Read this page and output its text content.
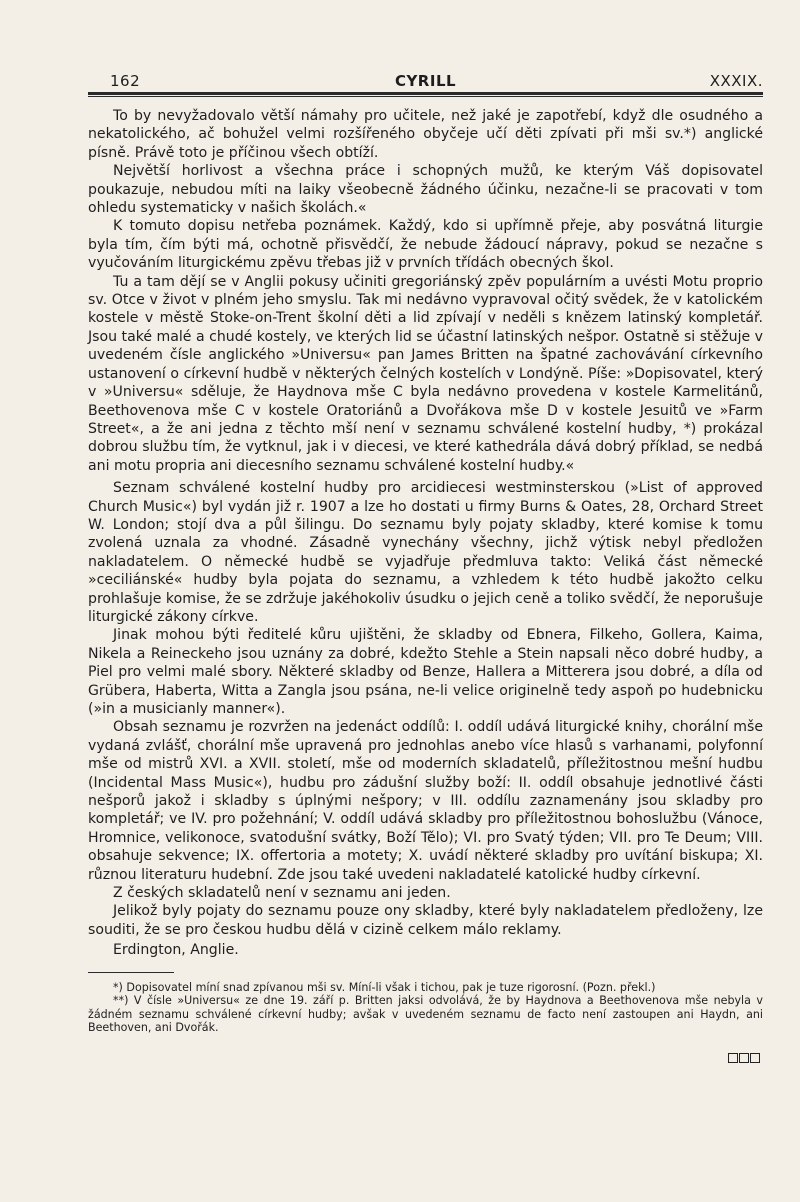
162	CYRILL	XXXIX.

To by nevyžadovalo větší námahy pro učitele, než jaké je zapotřebí, když dle osudného a nekatolického, ač bohužel velmi rozšířeného obyčeje učí děti zpívati při mši sv.*) anglické písně. Právě toto je příčinou všech obtíží.

Největší horlivost a všechna práce i schopných mužů, ke kterým Váš dopisovatel poukazuje, nebudou míti na laiky všeobecně žádného účinku, nezačne-li se pracovati v tom ohledu systematicky v našich školách.«

K tomuto dopisu netřeba poznámek. Každý, kdo si upřímně přeje, aby posvátná liturgie byla tím, čím býti má, ochotně přisvědčí, že nebude žádoucí nápravy, pokud se nezačne s vyučováním liturgickému zpěvu třebas již v prvních třídách obecných škol.

Tu a tam dějí se v Anglii pokusy učiniti gregoriánský zpěv populárním a uvésti Motu proprio sv. Otce v život v plném jeho smyslu. Tak mi nedávno vypravoval očitý svědek, že v katolickém kostele v městě Stoke-on-Trent školní děti a lid zpívají v neděli s knězem latinský kompletář. Jsou také malé a chudé kostely, ve kterých lid se účastní latinských nešpor. Ostatně si stěžuje v uvedeném čísle anglického »Universu« pan James Britten na špatné zachovávání církevního ustanovení o církevní hudbě v některých čelných kostelích v Londýně. Píše: »Dopisovatel, který v »Universu« sděluje, že Haydnova mše C byla nedávno provedena v kostele Karmelitánů, Beethovenova mše C v kostele Oratoriánů a Dvořákova mše D v kostele Jesuitů ve »Farm Street«, a že ani jedna z těchto mší není v seznamu schválené kostelní hudby, *) prokázal dobrou službu tím, že vytknul, jak i v diecesi, ve které kathedrála dává dobrý příklad, se nedbá ani motu propria ani diecesního seznamu schválené kostelní hudby.«

Seznam schválené kostelní hudby pro arcidiecesi westminsterskou (»List of approved Church Music«) byl vydán již r. 1907 a lze ho dostati u firmy Burns & Oates, 28, Orchard Street W. London; stojí dva a půl šilingu. Do seznamu byly pojaty skladby, které komise k tomu zvolená uznala za vhodné. Zásadně vynechány všechny, jichž výtisk nebyl předložen nakladatelem. O německé hudbě se vyjadřuje předmluva takto: Veliká část německé »ceciliánské« hudby byla pojata do seznamu, a vzhledem k této hudbě jakožto celku prohlašuje komise, že se zdržuje jakéhokoliv úsudku o jejich ceně a toliko svědčí, že neporušuje liturgické zákony církve.

Jinak mohou býti ředitelé kůru ujištěni, že skladby od Ebnera, Filkeho, Gollera, Kaima, Nikela a Reineckeho jsou uznány za dobré, kdežto Stehle a Stein napsali něco dobré hudby, a Piel pro velmi malé sbory. Některé skladby od Benze, Hallera a Mitterera jsou dobré, a díla od Grübera, Haberta, Witta a Zangla jsou psána, ne-li velice originelně tedy aspoň po hudebnicku (»in a musicianly manner«).

Obsah seznamu je rozvržen na jedenáct oddílů: I. oddíl udává liturgické knihy, chorální mše vydaná zvlášť, chorální mše upravená pro jednohlas anebo více hlasů s varhanami, polyfonní mše od mistrů XVI. a XVII. století, mše od moderních skladatelů, příležitostnou mešní hudbu (Incidental Mass Music«), hudbu pro zádušní služby boží: II. oddíl obsahuje jednotlivé části nešporů jakož i skladby s úplnými nešpory; v III. oddílu zaznamenány jsou skladby pro kompletář; ve IV. pro požehnání; V. oddíl udává skladby pro příležitostnou bohoslužbu (Vánoce, Hromnice, velikonoce, svatodušní svátky, Boží Tělo); VI. pro Svatý týden; VII. pro Te Deum; VIII. obsahuje sekvence; IX. offertoria a motety; X. uvádí některé skladby pro uvítání biskupa; XI. různou literaturu hudební. Zde jsou také uvedeni nakladatelé katolické hudby církevní.

Z českých skladatelů není v seznamu ani jeden.

Jelikož byly pojaty do seznamu pouze ony skladby, které byly nakladatelem předloženy, lze souditi, že se pro českou hudbu dělá v cizině celkem málo reklamy.

Erdington, Anglie.

*) Dopisovatel míní snad zpívanou mši sv. Míní-li však i tichou, pak je tuze rigorosní. (Pozn. překl.)

**) V čísle »Universu« ze dne 19. září p. Britten jaksi odvolává, že by Haydnova a Beethovenova mše nebyla v žádném seznamu schválené církevní hudby; avšak v uvedeném seznamu de facto není zastoupen ani Haydn, ani Beethoven, ani Dvořák.
